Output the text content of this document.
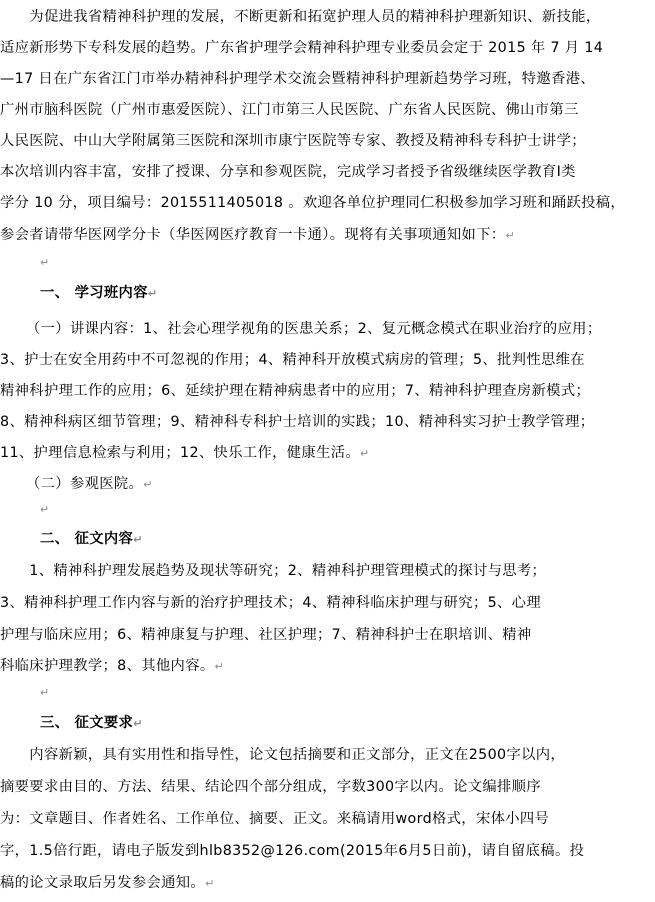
　　为促进我省精神科护理的发展，不断更新和拓宽护理人员的精神科护理新知识、新技能，
适应新形势下专科发展的趋势。广东省护理学会精神科护理专业委员会定于 2015 年 7 月 14
—17 日在广东省江门市举办精神科护理学术交流会暨精神科护理新趋势学习班，特邀香港、
广州市脑科医院（广州市惠爱医院）、江门市第三人民医院、广东省人民医院、佛山市第三
人民医院、中山大学附属第三医院和深圳市康宁医院等专家、教授及精神科专科护士讲学；
本次培训内容丰富，安排了授课、分享和参观医院，完成学习者授予省级继续医学教育Ⅰ类
学分 10 分，项目编号：2015511405018 。欢迎各单位护理同仁积极参加学习班和踊跃投稿，
参会者请带华医网学分卡（华医网医疗教育一卡通）。现将有关事项通知如下：↵
↵
一、 学习班内容↵
（一）讲课内容：1、社会心理学视角的医患关系；2、复元概念模式在职业治疗的应用；
3、护士在安全用药中不可忽视的作用；4、精神科开放模式病房的管理；5、批判性思维在
精神科护理工作的应用；6、延续护理在精神病患者中的应用；7、精神科护理查房新模式；
8、精神科病区细节管理；9、精神科专科护士培训的实践；10、精神科实习护士教学管理；
11、护理信息检索与利用；12、快乐工作，健康生活。↵
（二）参观医院。↵
↵
二、 征文内容↵
　　1、精神科护理发展趋势及现状等研究；2、精神科护理管理模式的探讨与思考；
3、精神科护理工作内容与新的治疗护理技术；4、精神科临床护理与研究；5、心理
护理与临床应用；6、精神康复与护理、社区护理；7、精神科护士在职培训、精神
科临床护理教学；8、其他内容。↵
↵
三、 征文要求↵
　　内容新颖，具有实用性和指导性，论文包括摘要和正文部分，正文在2500字以内，
摘要要求由目的、方法、结果、结论四个部分组成，字数300字以内。论文编排顺序
为：文章题目、作者姓名、工作单位、摘要、正文。来稿请用word格式，宋体小四号
字，1.5倍行距，请电子版发到hlb8352@126.com(2015年6月5日前)，请自留底稿。投
稿的论文录取后另发参会通知。↵
